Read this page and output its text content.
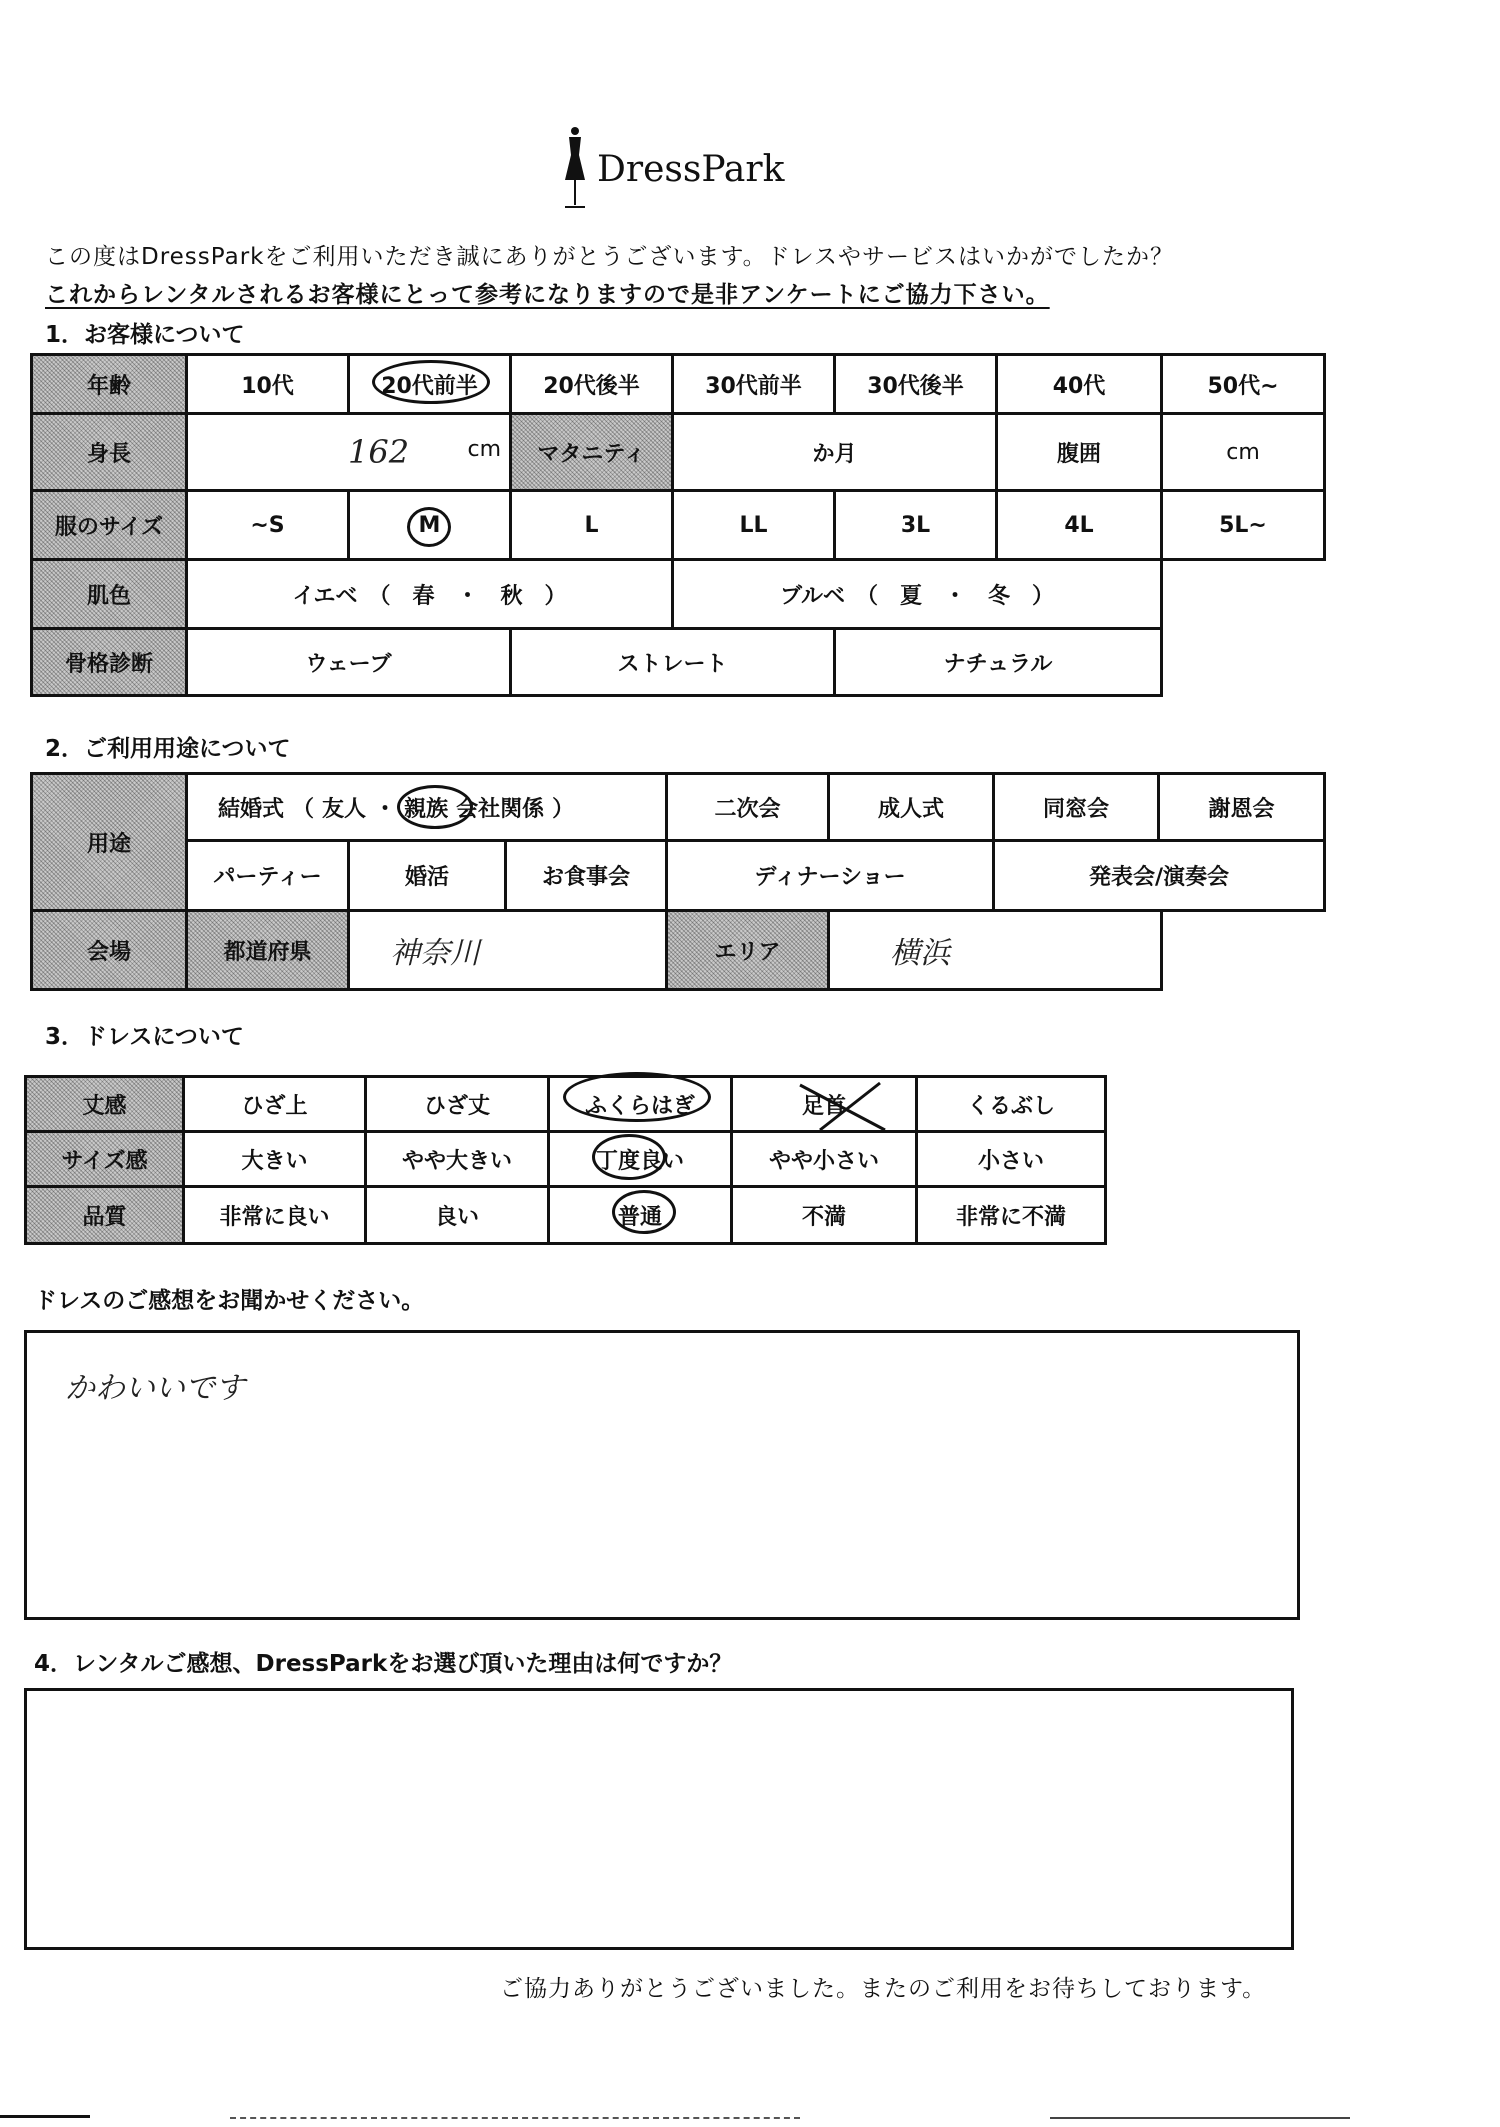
DressPark
この度はDressParkをご利用いただき誠にありがとうございます。ドレスやサービスはいかがでしたか？
これからレンタルされるお客様にとって参考になりますので是非アンケートにご協力下さい。
1．お客様について
年齢	10代	20代前半	20代後半	30代前半	30代後半	40代	50代~
身長	162	cm	マタニティ	か月	腹囲	cm
服のサイズ	~S	M	L	LL	3L	4L	5L~
肌色	イエベ　（　春　・　秋　）	ブルベ　（　夏　・　冬　）
骨格診断	ウェーブ	ストレート	ナチュラル
2．ご利用用途について
用途
結婚式 （ 友人 ・ 親族 会社関係 ）	二次会	成人式	同窓会	謝恩会
パーティー	婚活	お食事会	ディナーショー	発表会/演奏会
会場	都道府県	神奈川	エリア	横浜
3．ドレスについて
丈感	ひざ上	ひざ丈	ふくらはぎ	足首	くるぶし
サイズ感	大きい	やや大きい	丁度良い	やや小さい	小さい
品質	非常に良い	良い	普通	不満	非常に不満
ドレスのご感想をお聞かせください。
かわいいです
4．レンタルご感想、DressParkをお選び頂いた理由は何ですか？
ご協力ありがとうございました。またのご利用をお待ちしております。
